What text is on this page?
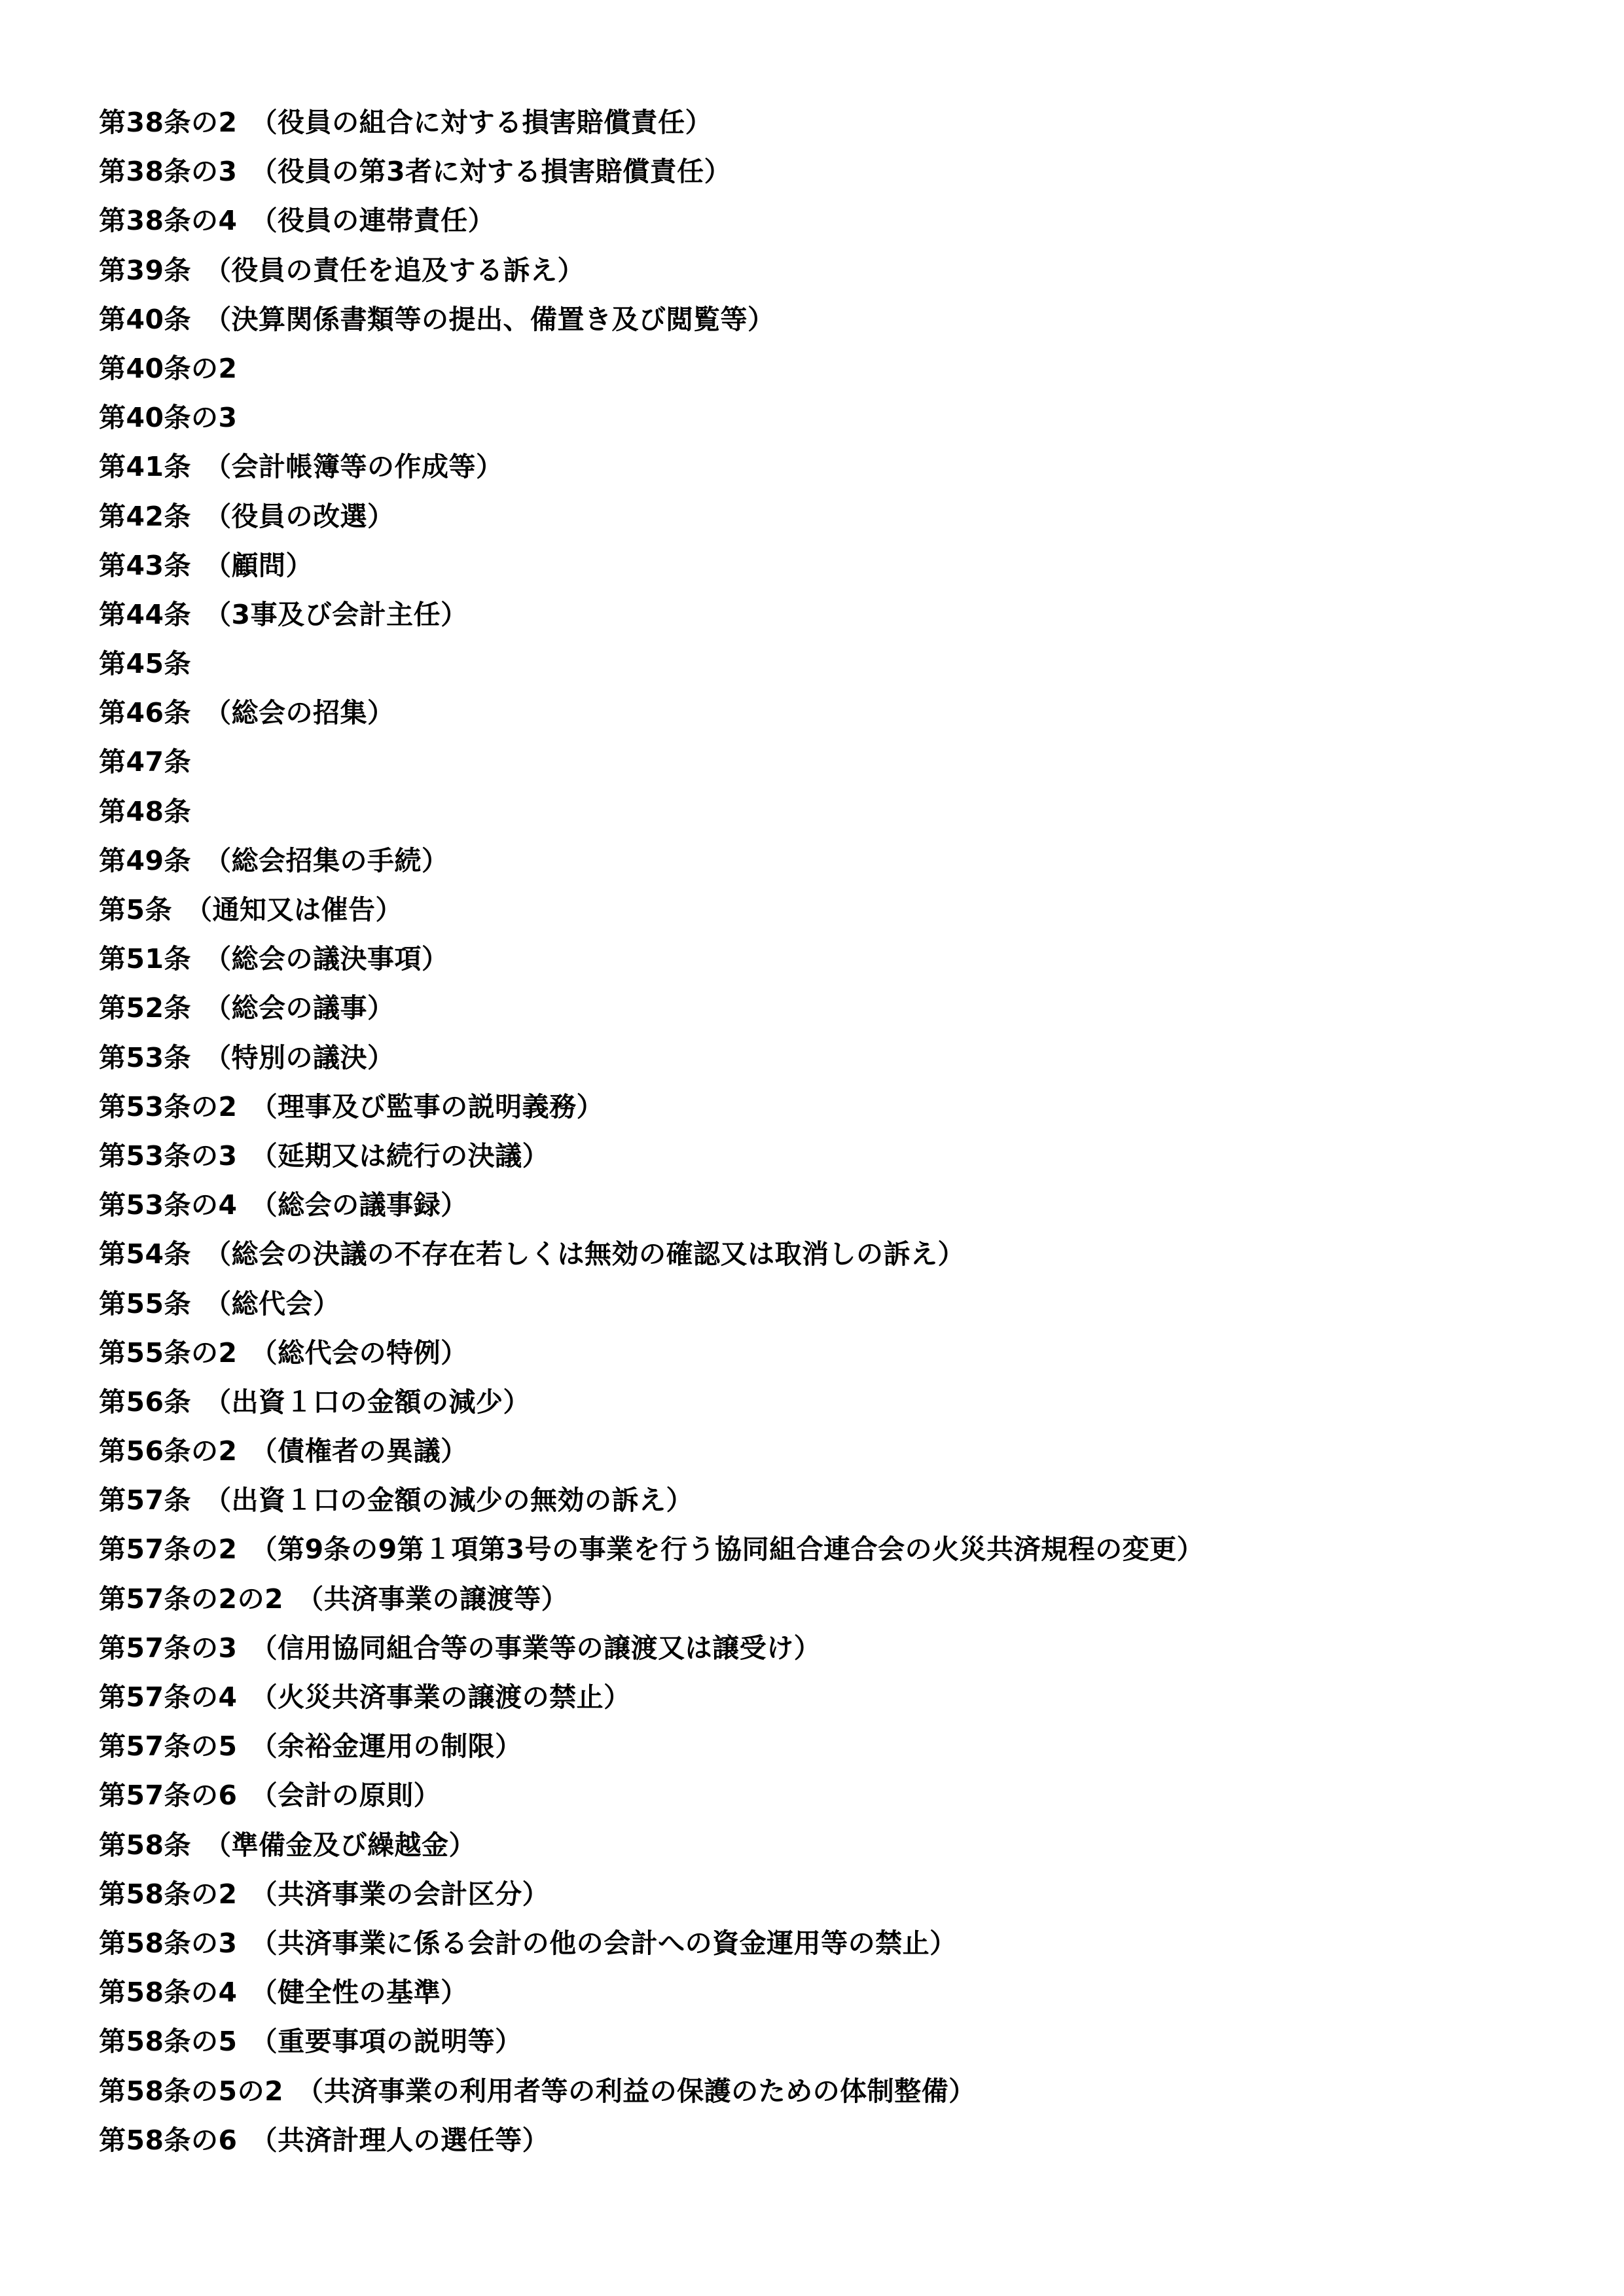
第38条の2 （役員の組合に対する損害賠償責任）
第38条の3 （役員の第3者に対する損害賠償責任）
第38条の4 （役員の連帯責任）
第39条 （役員の責任を追及する訴え）
第40条 （決算関係書類等の提出、備置き及び閲覧等）
第40条の2
第40条の3
第41条 （会計帳簿等の作成等）
第42条 （役員の改選）
第43条 （顧問）
第44条 （3事及び会計主任）
第45条
第46条 （総会の招集）
第47条
第48条
第49条 （総会招集の手続）
第5条 （通知又は催告）
第51条 （総会の議決事項）
第52条 （総会の議事）
第53条 （特別の議決）
第53条の2 （理事及び監事の説明義務）
第53条の3 （延期又は続行の決議）
第53条の4 （総会の議事録）
第54条 （総会の決議の不存在若しくは無効の確認又は取消しの訴え）
第55条 （総代会）
第55条の2 （総代会の特例）
第56条 （出資１口の金額の減少）
第56条の2 （債権者の異議）
第57条 （出資１口の金額の減少の無効の訴え）
第57条の2 （第9条の9第１項第3号の事業を行う協同組合連合会の火災共済規程の変更）
第57条の2の2 （共済事業の譲渡等）
第57条の3 （信用協同組合等の事業等の譲渡又は譲受け）
第57条の4 （火災共済事業の譲渡の禁止）
第57条の5 （余裕金運用の制限）
第57条の6 （会計の原則）
第58条 （準備金及び繰越金）
第58条の2 （共済事業の会計区分）
第58条の3 （共済事業に係る会計の他の会計への資金運用等の禁止）
第58条の4 （健全性の基準）
第58条の5 （重要事項の説明等）
第58条の5の2 （共済事業の利用者等の利益の保護のための体制整備）
第58条の6 （共済計理人の選任等）
